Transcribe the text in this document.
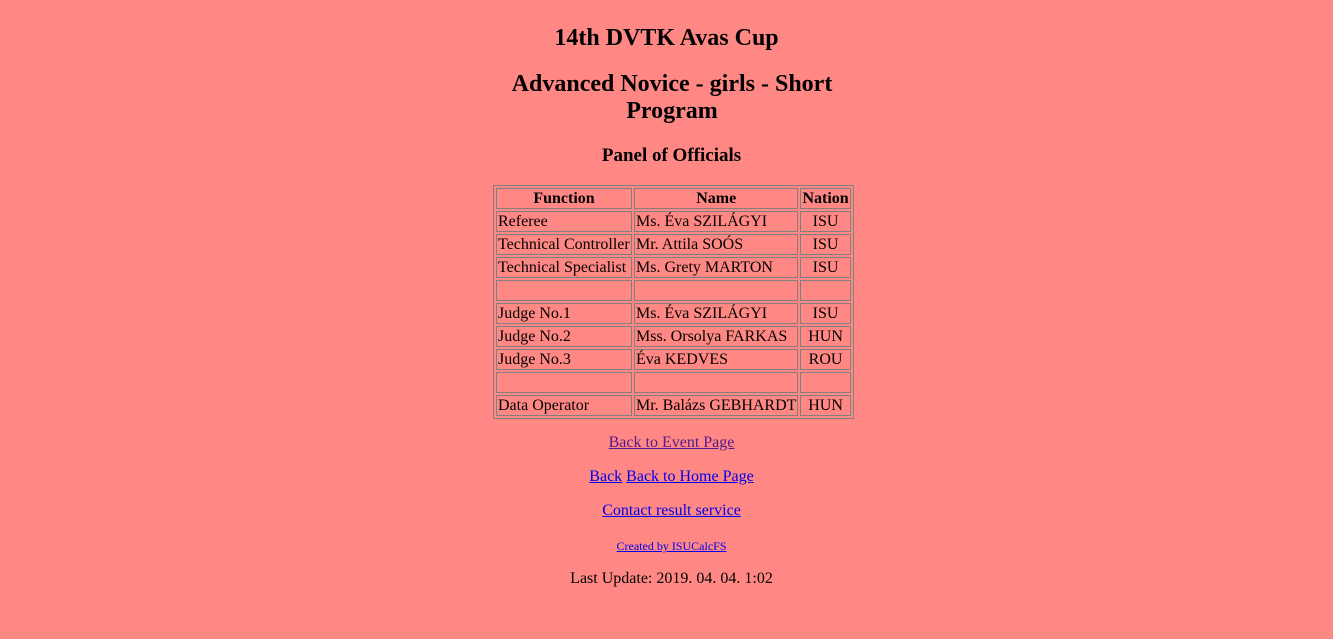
14th DVTK Avas Cup
Advanced Novice - girls - Short Program
Panel of Officials
Function	Name	Nation
Referee	Ms. Éva SZILÁGYI	ISU
Technical Controller	Mr. Attila SOÓS	ISU
Technical Specialist	Ms. Grety MARTON	ISU

Judge No.1	Ms. Éva SZILÁGYI	ISU
Judge No.2	Mss. Orsolya FARKAS	HUN
Judge No.3	Éva KEDVES	ROU

Data Operator	Mr. Balázs GEBHARDT	HUN
Back to Event Page
Back Back to Home Page
Contact result service
Created by ISUCalcFS
Last Update: 2019. 04. 04. 1:02
